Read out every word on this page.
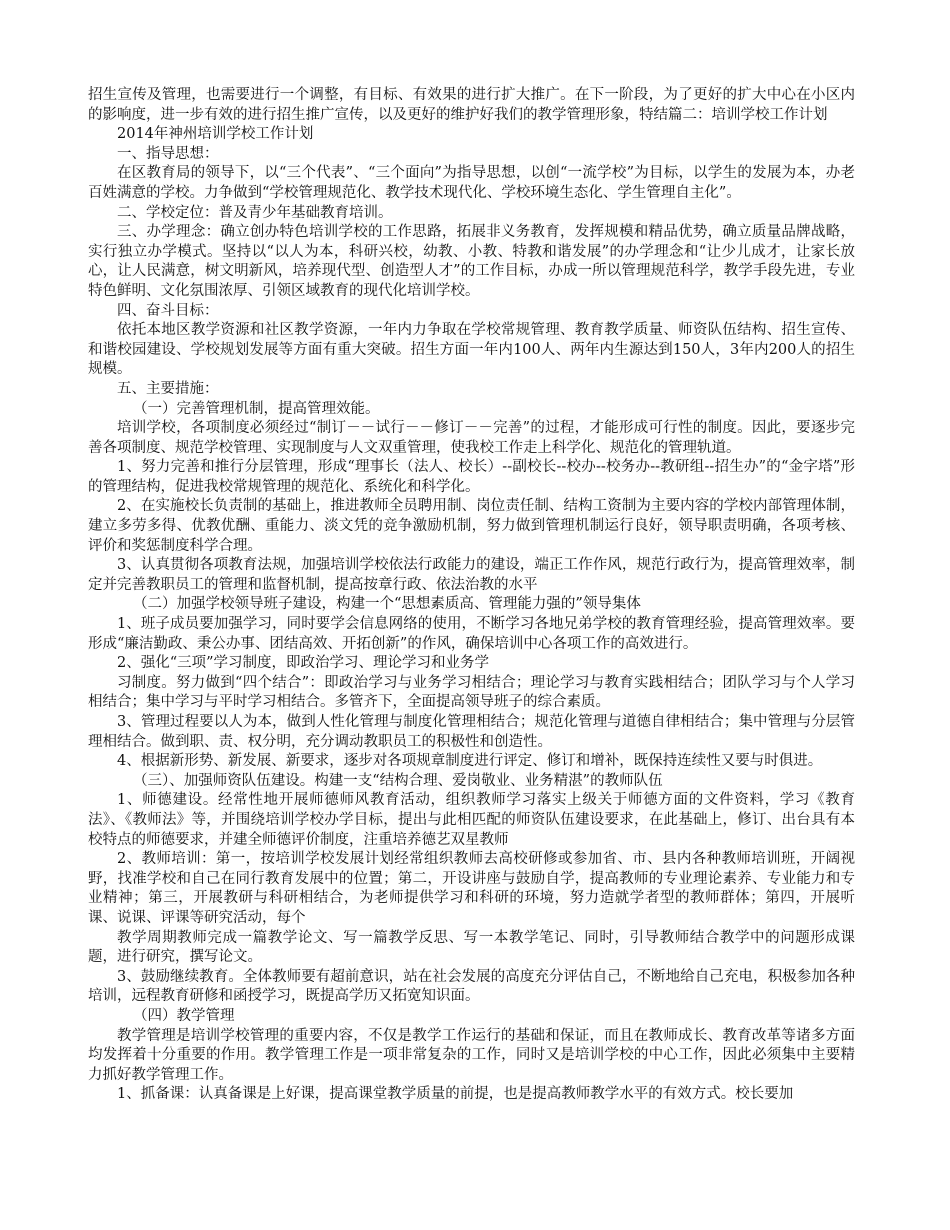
招生宣传及管理，也需要进行一个调整，有目标、有效果的进行扩大推广。在下一阶段，为了更好的扩大中心在小区内的影响度，进一步有效的进行招生推广宣传，以及更好的维护好我们的教学管理形象，特结篇二：培训学校工作计划

2014年神州培训学校工作计划

一、指导思想：

在区教育局的领导下，以“三个代表”、“三个面向”为指导思想，以创“一流学校”为目标，以学生的发展为本，办老百姓满意的学校。力争做到“学校管理规范化、教学技术现代化、学校环境生态化、学生管理自主化”。

二、学校定位：普及青少年基础教育培训。

三、办学理念：确立创办特色培训学校的工作思路，拓展非义务教育，发挥规模和精品优势，确立质量品牌战略，实行独立办学模式。坚持以“以人为本，科研兴校，幼教、小教、特教和谐发展”的办学理念和“让少儿成才，让家长放心，让人民满意，树文明新风，培养现代型、创造型人才”的工作目标，办成一所以管理规范科学，教学手段先进，专业特色鲜明、文化氛围浓厚、引领区域教育的现代化培训学校。

四、奋斗目标：

依托本地区教学资源和社区教学资源，一年内力争取在学校常规管理、教育教学质量、师资队伍结构、招生宣传、和谐校园建设、学校规划发展等方面有重大突破。招生方面一年内100人、两年内生源达到150人，3年内200人的招生规模。

五、主要措施：

（一）完善管理机制，提高管理效能。

培训学校，各项制度必须经过“制订－－试行－－修订－－完善”的过程，才能形成可行性的制度。因此，要逐步完善各项制度、规范学校管理、实现制度与人文双重管理，使我校工作走上科学化、规范化的管理轨道。

1、努力完善和推行分层管理，形成“理事长（法人、校长）--副校长--校办--校务办--教研组--招生办”的“金字塔”形的管理结构，促进我校常规管理的规范化、系统化和科学化。

2、在实施校长负责制的基础上，推进教师全员聘用制、岗位责任制、结构工资制为主要内容的学校内部管理体制，建立多劳多得、优教优酬、重能力、淡文凭的竞争激励机制，努力做到管理机制运行良好，领导职责明确，各项考核、评价和奖惩制度科学合理。

3、认真贯彻各项教育法规，加强培训学校依法行政能力的建设，端正工作作风，规范行政行为，提高管理效率，制定并完善教职员工的管理和监督机制，提高按章行政、依法治教的水平

（二）加强学校领导班子建设，构建一个“思想素质高、管理能力强的”领导集体

1、班子成员要加强学习，同时要学会信息网络的使用，不断学习各地兄弟学校的教育管理经验，提高管理效率。要形成“廉洁勤政、秉公办事、团结高效、开拓创新”的作风，确保培训中心各项工作的高效进行。

2、强化“三项”学习制度，即政治学习、理论学习和业务学

习制度。努力做到“四个结合”：即政治学习与业务学习相结合；理论学习与教育实践相结合；团队学习与个人学习相结合；集中学习与平时学习相结合。多管齐下，全面提高领导班子的综合素质。

3、管理过程要以人为本，做到人性化管理与制度化管理相结合；规范化管理与道德自律相结合；集中管理与分层管理相结合。做到职、责、权分明，充分调动教职员工的积极性和创造性。

4、根据新形势、新发展、新要求，逐步对各项规章制度进行评定、修订和增补，既保持连续性又要与时俱进。

（三）、加强师资队伍建设。构建一支“结构合理、爱岗敬业、业务精湛”的教师队伍

1、师德建设。经常性地开展师德师风教育活动，组织教师学习落实上级关于师德方面的文件资料，学习《教育法》、《教师法》等，并围绕培训学校办学目标，提出与此相匹配的师资队伍建设要求，在此基础上，修订、出台具有本校特点的师德要求，并建全师德评价制度，注重培养德艺双星教师

2、教师培训：第一，按培训学校发展计划经常组织教师去高校研修或参加省、市、县内各种教师培训班，开阔视野，找准学校和自己在同行教育发展中的位置；第二，开设讲座与鼓励自学，提高教师的专业理论素养、专业能力和专业精神；第三，开展教研与科研相结合，为老师提供学习和科研的环境，努力造就学者型的教师群体；第四，开展听课、说课、评课等研究活动，每个

教学周期教师完成一篇教学论文、写一篇教学反思、写一本教学笔记、同时，引导教师结合教学中的问题形成课题，进行研究，撰写论文。

3、鼓励继续教育。全体教师要有超前意识，站在社会发展的高度充分评估自己，不断地给自己充电，积极参加各种培训，远程教育研修和函授学习，既提高学历又拓宽知识面。

（四）教学管理

教学管理是培训学校管理的重要内容，不仅是教学工作运行的基础和保证，而且在教师成长、教育改革等诸多方面均发挥着十分重要的作用。教学管理工作是一项非常复杂的工作，同时又是培训学校的中心工作，因此必须集中主要精力抓好教学管理工作。

1、抓备课：认真备课是上好课，提高课堂教学质量的前提，也是提高教师教学水平的有效方式。校长要加
